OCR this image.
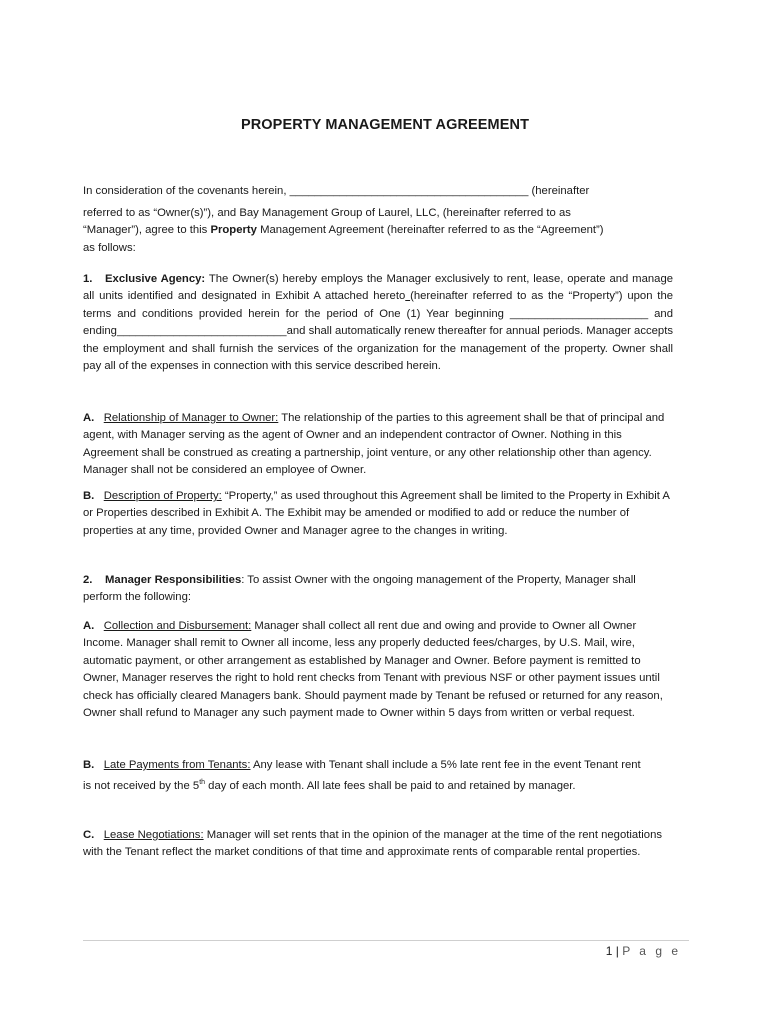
PROPERTY MANAGEMENT AGREEMENT
In consideration of the covenants herein, ______________________________________ (hereinafter

referred to as “Owner(s)”), and Bay Management Group of Laurel, LLC, (hereinafter referred to as “Manager”), agree to this Property Management Agreement (hereinafter referred to as the “Agreement”) as follows:

1. Exclusive Agency: The Owner(s) hereby employs the Manager exclusively to rent, lease, operate and manage all units identified and designated in Exhibit A attached hereto (hereinafter referred to as the “Property”) upon the terms and conditions provided herein for the period of One (1) Year beginning ______________________ and ending___________________________and shall automatically renew thereafter for annual periods. Manager accepts the employment and shall furnish the services of the organization for the management of the property. Owner shall pay all of the expenses in connection with this service described herein.

A. Relationship of Manager to Owner: The relationship of the parties to this agreement shall be that of principal and agent, with Manager serving as the agent of Owner and an independent contractor of Owner. Nothing in this Agreement shall be construed as creating a partnership, joint venture, or any other relationship other than agency. Manager shall not be considered an employee of Owner.

B. Description of Property: “Property,” as used throughout this Agreement shall be limited to the Property in Exhibit A or Properties described in Exhibit A. The Exhibit may be amended or modified to add or reduce the number of properties at any time, provided Owner and Manager agree to the changes in writing.

2. Manager Responsibilities: To assist Owner with the ongoing management of the Property, Manager shall perform the following:

A. Collection and Disbursement: Manager shall collect all rent due and owing and provide to Owner all Owner Income. Manager shall remit to Owner all income, less any properly deducted fees/charges, by U.S. Mail, wire, automatic payment, or other arrangement as established by Manager and Owner. Before payment is remitted to Owner, Manager reserves the right to hold rent checks from Tenant with previous NSF or other payment issues until check has officially cleared Managers bank. Should payment made by Tenant be refused or returned for any reason, Owner shall refund to Manager any such payment made to Owner within 5 days from written or verbal request.

B. Late Payments from Tenants: Any lease with Tenant shall include a 5% late rent fee in the event Tenant rent is not received by the 5th day of each month. All late fees shall be paid to and retained by manager.

C. Lease Negotiations: Manager will set rents that in the opinion of the manager at the time of the rent negotiations with the Tenant reflect the market conditions of that time and approximate rents of comparable rental properties.

1 | P a g e
